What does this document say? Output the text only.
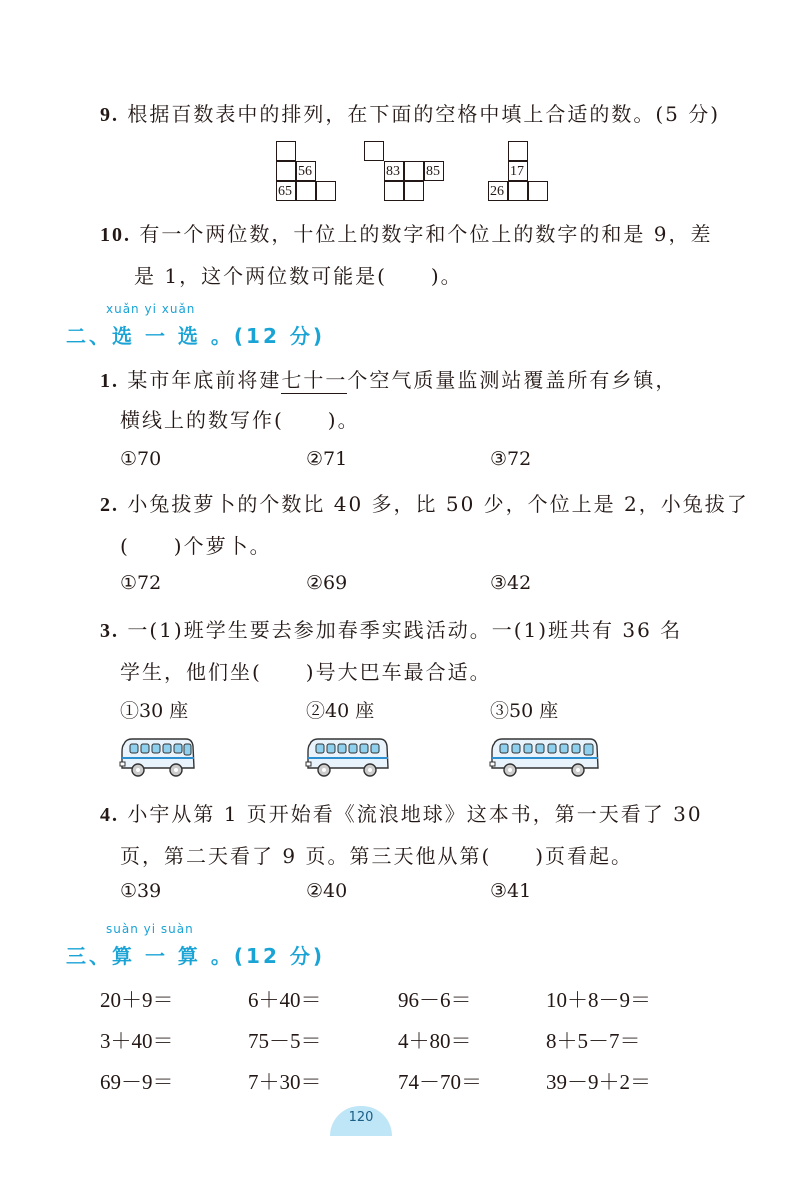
9. 根据百数表中的排列，在下面的空格中填上合适的数。(5 分)
56
65
83 85	17
26
10. 有一个两位数，十位上的数字和个位上的数字的和是 9，差
是 1，这个两位数可能是(　　)。
xuǎn yi xuǎn
二、选 一 选 。(12 分)
1. 某市年底前将建七十一个空气质量监测站覆盖所有乡镇，
横线上的数写作(　　)。
①70	②71	③72
2. 小兔拔萝卜的个数比 40 多，比 50 少，个位上是 2，小兔拔了
(　　)个萝卜。
①72	②69	③42
3. 一(1)班学生要去参加春季实践活动。一(1)班共有 36 名
学生，他们坐(　　)号大巴车最合适。
①30 座	②40 座	③50 座
4. 小宇从第 1 页开始看《流浪地球》这本书，第一天看了 30
页，第二天看了 9 页。第三天他从第(　　)页看起。
①39	②40	③41
suàn yi suàn
三、算 一 算 。(12 分)
20＋9＝	6＋40＝	96－6＝	10＋8－9＝
3＋40＝	75－5＝	4＋80＝	8＋5－7＝
69－9＝	7＋30＝	74－70＝	39－9＋2＝
120
